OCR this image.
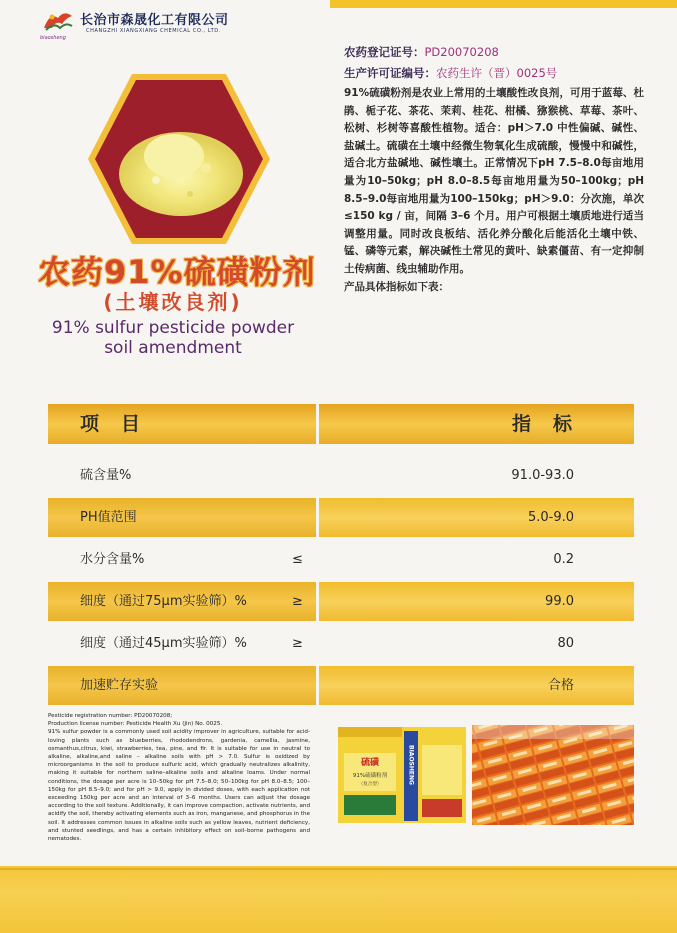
长治市森晟化工有限公司
CHANGZHI XIANGXIANG CHEMICAL CO., LTD.
biaosheng
农药91%硫磺粉剂
(土壤改良剂)
91% sulfur pesticide powder
soil amendment
农药登记证号：PD20070208
生产许可证编号：农药生许（晋）0025号
91%硫磺粉剂是农业上常用的土壤酸性改良剂，可用于蓝莓、杜鹃、栀子花、茶花、茉莉、桂花、柑橘、猕猴桃、草莓、茶叶、松树、杉树等喜酸性植物。适合：pH＞7.0 中性偏碱、碱性、盐碱土。硫磺在土壤中经微生物氧化生成硫酸，慢慢中和碱性，适合北方盐碱地、碱性壤土。正常情况下pH 7.5–8.0每亩地用量为10–50kg；pH 8.0–8.5每亩地用量为50–100kg；pH 8.5–9.0每亩地用量为100–150kg；pH＞9.0：分次施，单次≤150 kg / 亩，间隔 3–6 个月。用户可根据土壤质地进行适当调整用量。同时改良板结、活化养分酸化后能活化土壤中铁、锰、磷等元素，解决碱性土常见的黄叶、缺素僵苗、有一定抑制土传病菌、线虫辅助作用。
产品具体指标如下表：
项目	指标
硫含量%	91.0-93.0
PH值范围	5.0-9.0
水分含量%	≤	0.2
细度（通过75μm实验筛）%	≥	99.0
细度（通过45μm实验筛）%	≥	80
加速贮存实验	合格
Pesticide registration number: PD20070208;
Production license number: Pesticide Health Xu (Jin) No. 0025.
91% sulfur powder is a commonly used soil acidity improver in agriculture, suitable for acid-loving plants such as blueberries, rhododendrons, gardenia, camellia, jasmine, osmanthus,citrus, kiwi, strawberries, tea, pine, and fir. It is suitable for use in neutral to alkaline, alkaline,and saline – alkaline soils with pH > 7.0. Sulfur is oxidized by microorganisms in the soil to produce sulfuric acid, which gradually neutralizes alkalinity, making it suitable for northern saline–alkaline soils and alkaline loams. Under normal conditions, the dosage per acre is 10–50kg for pH 7.5–8.0; 50–100kg for pH 8.0–8.5; 100–150kg for pH 8.5–9.0; and for pH > 9.0, apply in divided doses, with each application not exceeding 150kg per acre and an interval of 3–6 months. Users can adjust the dosage according to the soil texture. Additionally, it can improve compaction, activate nutrients, and acidify the soil, thereby activating elements such as iron, manganese, and phosphorus in the soil. It addresses common issues in alkaline soils such as yellow leaves, nutrient deficiency, and stunted seedlings, and has a certain inhibitory effect on soil–borne pathogens and nematodes.
硫磺
91%硫磺粉剂
（复合型）	BIAOSHENG
